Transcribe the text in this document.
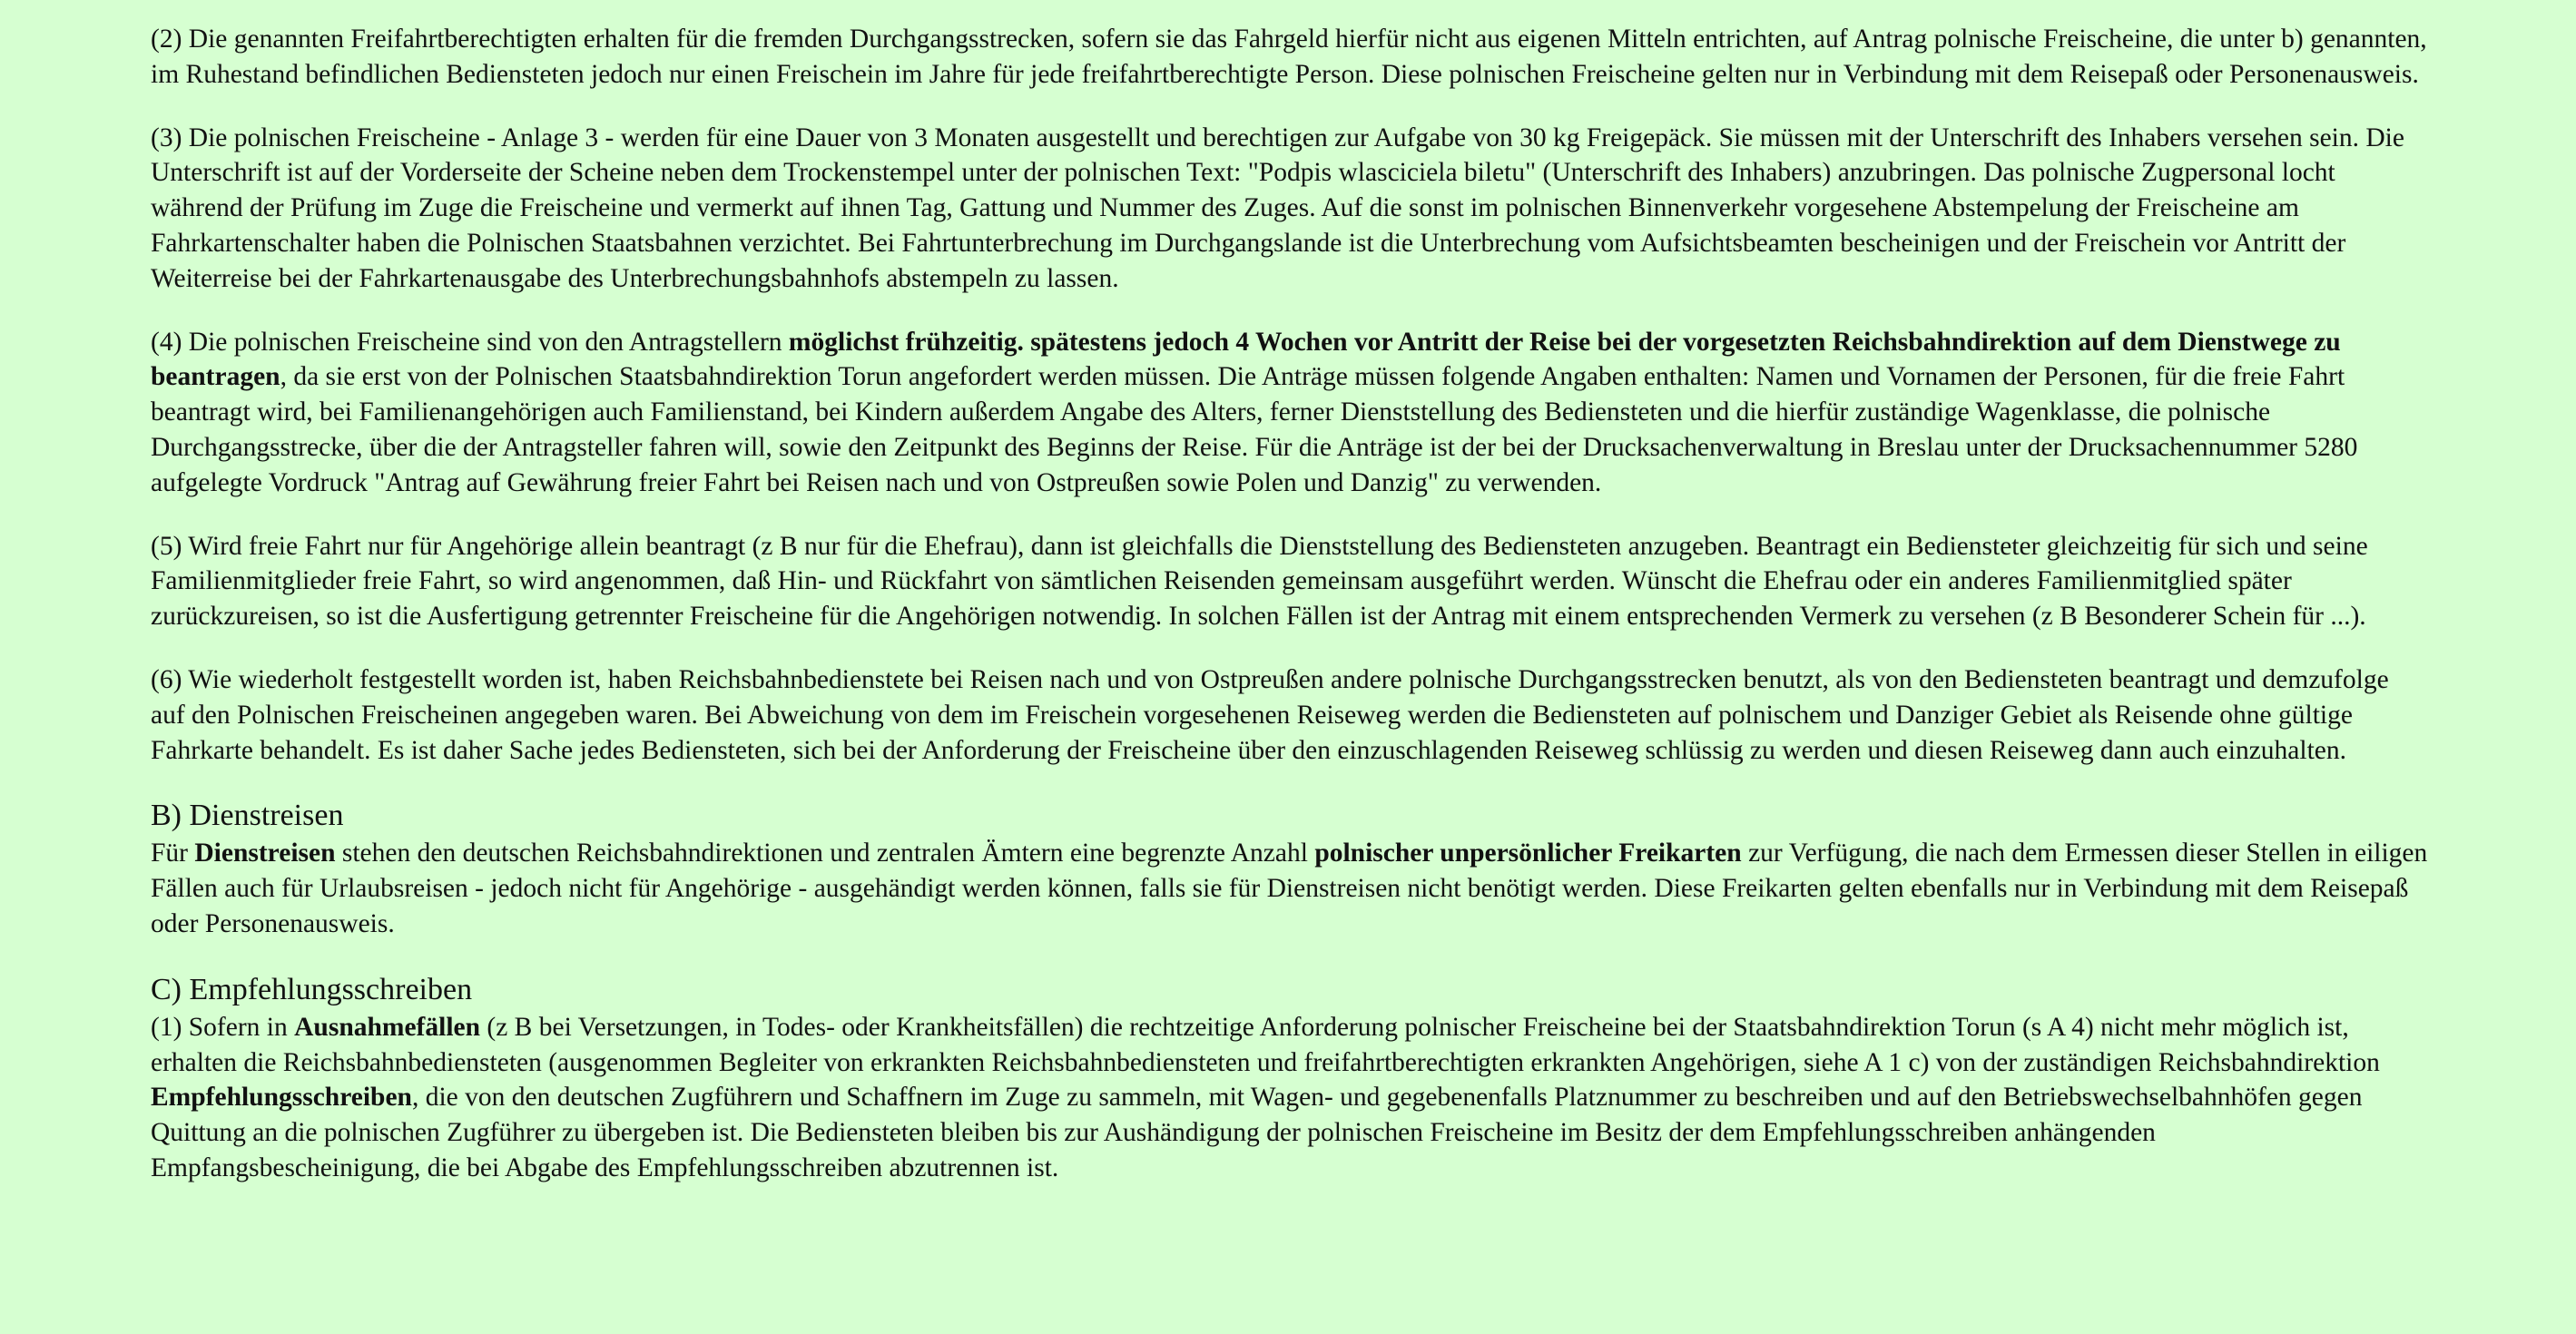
(2) Die genannten Freifahrtberechtigten erhalten für die fremden Durchgangsstrecken, sofern sie das Fahrgeld hierfür nicht aus eigenen Mitteln entrichten, auf Antrag polnische Freischeine, die unter b) genannten, im Ruhestand befindlichen Bediensteten jedoch nur einen Freischein im Jahre für jede freifahrtberechtigte Person. Diese polnischen Freischeine gelten nur in Verbindung mit dem Reisepaß oder Personenausweis.

(3) Die polnischen Freischeine - Anlage 3 - werden für eine Dauer von 3 Monaten ausgestellt und berechtigen zur Aufgabe von 30 kg Freigepäck. Sie müssen mit der Unterschrift des Inhabers versehen sein. Die Unterschrift ist auf der Vorderseite der Scheine neben dem Trockenstempel unter der polnischen Text: "Podpis wlasciciela biletu" (Unterschrift des Inhabers) anzubringen. Das polnische Zugpersonal locht während der Prüfung im Zuge die Freischeine und vermerkt auf ihnen Tag, Gattung und Nummer des Zuges. Auf die sonst im polnischen Binnenverkehr vorgesehene Abstempelung der Freischeine am Fahrkartenschalter haben die Polnischen Staatsbahnen verzichtet. Bei Fahrtunterbrechung im Durchgangslande ist die Unterbrechung vom Aufsichtsbeamten bescheinigen und der Freischein vor Antritt der Weiterreise bei der Fahrkartenausgabe des Unterbrechungsbahnhofs abstempeln zu lassen.

(4) Die polnischen Freischeine sind von den Antragstellern möglichst frühzeitig. spätestens jedoch 4 Wochen vor Antritt der Reise bei der vorgesetzten Reichsbahndirektion auf dem Dienstwege zu beantragen, da sie erst von der Polnischen Staatsbahndirektion Torun angefordert werden müssen. Die Anträge müssen folgende Angaben enthalten: Namen und Vornamen der Personen, für die freie Fahrt beantragt wird, bei Familienangehörigen auch Familienstand, bei Kindern außerdem Angabe des Alters, ferner Dienststellung des Bediensteten und die hierfür zuständige Wagenklasse, die polnische Durchgangsstrecke, über die der Antragsteller fahren will, sowie den Zeitpunkt des Beginns der Reise. Für die Anträge ist der bei der Drucksachenverwaltung in Breslau unter der Drucksachennummer 5280 aufgelegte Vordruck "Antrag auf Gewährung freier Fahrt bei Reisen nach und von Ostpreußen sowie Polen und Danzig" zu verwenden.

(5) Wird freie Fahrt nur für Angehörige allein beantragt (z B nur für die Ehefrau), dann ist gleichfalls die Dienststellung des Bediensteten anzugeben. Beantragt ein Bediensteter gleichzeitig für sich und seine Familienmitglieder freie Fahrt, so wird angenommen, daß Hin- und Rückfahrt von sämtlichen Reisenden gemeinsam ausgeführt werden. Wünscht die Ehefrau oder ein anderes Familienmitglied später zurückzureisen, so ist die Ausfertigung getrennter Freischeine für die Angehörigen notwendig. In solchen Fällen ist der Antrag mit einem entsprechenden Vermerk zu versehen (z B Besonderer Schein für ...).

(6) Wie wiederholt festgestellt worden ist, haben Reichsbahnbedienstete bei Reisen nach und von Ostpreußen andere polnische Durchgangsstrecken benutzt, als von den Bediensteten beantragt und demzufolge auf den Polnischen Freischeinen angegeben waren. Bei Abweichung von dem im Freischein vorgesehenen Reiseweg werden die Bediensteten auf polnischem und Danziger Gebiet als Reisende ohne gültige Fahrkarte behandelt. Es ist daher Sache jedes Bediensteten, sich bei der Anforderung der Freischeine über den einzuschlagenden Reiseweg schlüssig zu werden und diesen Reiseweg dann auch einzuhalten.

B) Dienstreisen

Für Dienstreisen stehen den deutschen Reichsbahndirektionen und zentralen Ämtern eine begrenzte Anzahl polnischer unpersönlicher Freikarten zur Verfügung, die nach dem Ermessen dieser Stellen in eiligen Fällen auch für Urlaubsreisen - jedoch nicht für Angehörige - ausgehändigt werden können, falls sie für Dienstreisen nicht benötigt werden. Diese Freikarten gelten ebenfalls nur in Verbindung mit dem Reisepaß oder Personenausweis.

C) Empfehlungsschreiben

(1) Sofern in Ausnahmefällen (z B bei Versetzungen, in Todes- oder Krankheitsfällen) die rechtzeitige Anforderung polnischer Freischeine bei der Staatsbahndirektion Torun (s A 4) nicht mehr möglich ist, erhalten die Reichsbahnbediensteten (ausgenommen Begleiter von erkrankten Reichsbahnbediensteten und freifahrtberechtigten erkrankten Angehörigen, siehe A 1 c) von der zuständigen Reichsbahndirektion Empfehlungsschreiben, die von den deutschen Zugführern und Schaffnern im Zuge zu sammeln, mit Wagen- und gegebenenfalls Platznummer zu beschreiben und auf den Betriebswechselbahnhöfen gegen Quittung an die polnischen Zugführer zu übergeben ist. Die Bediensteten bleiben bis zur Aushändigung der polnischen Freischeine im Besitz der dem Empfehlungsschreiben anhängenden Empfangsbescheinigung, die bei Abgabe des Empfehlungsschreiben abzutrennen ist.
